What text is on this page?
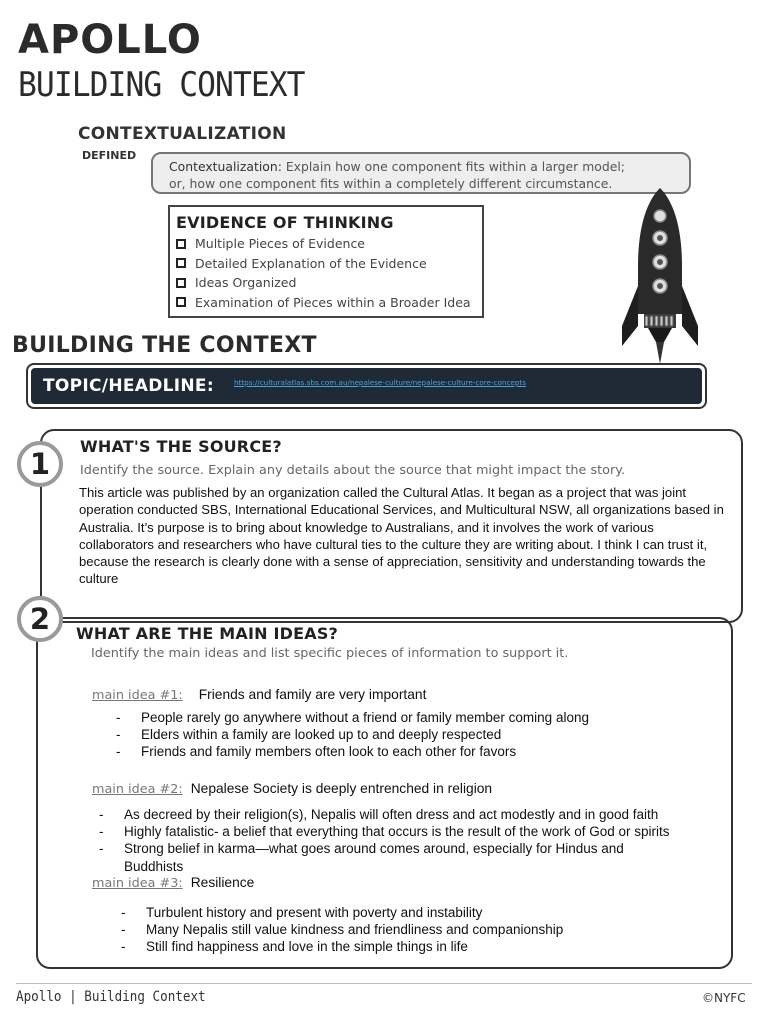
APOLLO
BUILDING CONTEXT
CONTEXTUALIZATION
DEFINED
Contextualization: Explain how one component fits within a larger model;
or, how one component fits within a completely different circumstance.
EVIDENCE OF THINKING
Multiple Pieces of Evidence
Detailed Explanation of the Evidence
Ideas Organized
Examination of Pieces within a Broader Idea
BUILDING THE CONTEXT
TOPIC/HEADLINE:	https://culturalatlas.sbs.com.au/nepalese-culture/nepalese-culture-core-concepts
1
WHAT'S THE SOURCE?
Identify the source. Explain any details about the source that might impact the story.
This article was published by an organization called the Cultural Atlas. It began as a project that was joint operation conducted SBS, International Educational Services, and Multicultural NSW, all organizations based in Australia. It’s purpose is to bring about knowledge to Australians, and it involves the work of various collaborators and researchers who have cultural ties to the culture they are writing about. I think I can trust it, because the research is clearly done with a sense of appreciation, sensitivity and understanding towards the culture
2	WHAT ARE THE MAIN IDEAS?
Identify the main ideas and list specific pieces of information to support it.
main idea #1: Friends and family are very important
- People rarely go anywhere without a friend or family member coming along
- Elders within a family are looked up to and deeply respected
- Friends and family members often look to each other for favors
main idea #2: Nepalese Society is deeply entrenched in religion
- As decreed by their religion(s), Nepalis will often dress and act modestly and in good faith
- Highly fatalistic- a belief that everything that occurs is the result of the work of God or spirits
- Strong belief in karma—what goes around comes around, especially for Hindus and Buddhists
main idea #3: Resilience
- Turbulent history and present with poverty and instability
- Many Nepalis still value kindness and friendliness and companionship
- Still find happiness and love in the simple things in life
Apollo | Building Context	©NYFC
